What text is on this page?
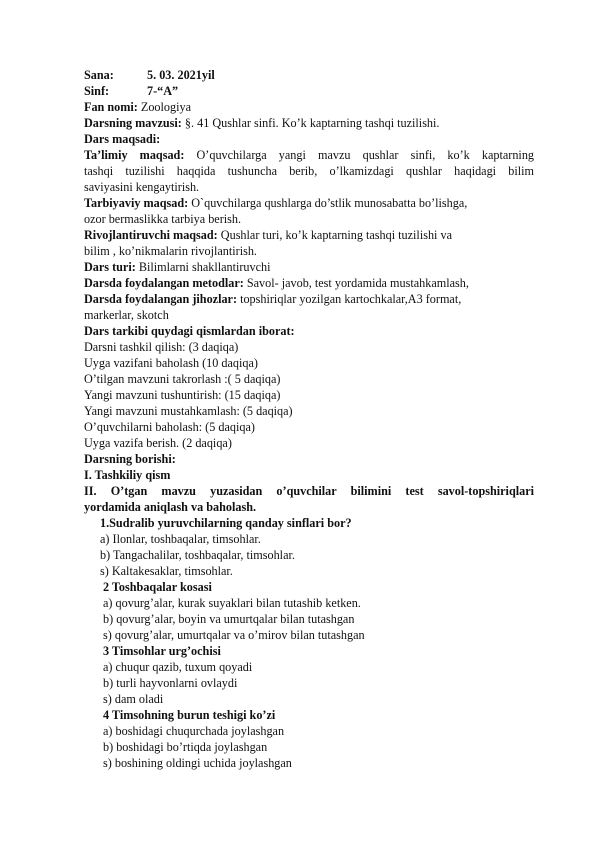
Sana:	5. 03. 2021yil
Sinf:	7-“A”
Fan nomi: Zoologiya
Darsning mavzusi: §. 41 Qushlar sinfi. Ko’k kaptarning tashqi tuzilishi.
Dars maqsadi:
Ta’limiy maqsad: O’quvchilarga yangi mavzu qushlar sinfi, ko’k kaptarning
tashqi tuzilishi haqqida tushuncha berib, o’lkamizdagi qushlar haqidagi bilim
saviyasini kengaytirish.
Tarbiyaviy maqsad: O`quvchilarga qushlarga do’stlik munosabatta bo’lishga,
ozor bermaslikka tarbiya berish.
Rivojlantiruvchi maqsad: Qushlar turi, ko’k kaptarning tashqi tuzilishi va
bilim , ko’nikmalarin rivojlantirish.
Dars turi: Bilimlarni shakllantiruvchi
Darsda foydalangan metodlar: Savol- javob, test yordamida mustahkamlash,
Darsda foydalangan jihozlar: topshiriqlar yozilgan kartochkalar,A3 format,
markerlar, skotch
Dars tarkibi quydagi qismlardan iborat:
Darsni tashkil qilish: (3 daqiqa)
Uyga vazifani baholash (10 daqiqa)
O’tilgan mavzuni takrorlash :( 5 daqiqa)
Yangi mavzuni tushuntirish: (15 daqiqa)
Yangi mavzuni mustahkamlash: (5 daqiqa)
O’quvchilarni baholash: (5 daqiqa)
Uyga vazifa berish. (2 daqiqa)
Darsning borishi:
I. Tashkiliy qism
II. O’tgan mavzu yuzasidan o’quvchilar bilimini test savol-topshiriqlari
yordamida aniqlash va baholash.
1.Sudralib yuruvchilarning qanday sinflari bor?
a) Ilonlar, toshbaqalar, timsohlar.
b) Tangachalilar, toshbaqalar, timsohlar.
s) Kaltakesaklar, timsohlar.
2 Toshbaqalar kosasi
a) qovurg’alar, kurak suyaklari bilan tutashib ketken.
b) qovurg’alar, boyin va umurtqalar bilan tutashgan
s) qovurg’alar, umurtqalar va o’mirov bilan tutashgan
3 Timsohlar urg’ochisi
a) chuqur qazib, tuxum qoyadi
b) turli hayvonlarni ovlaydi
s) dam oladi
4 Timsohning burun teshigi ko’zi
a) boshidagi chuqurchada joylashgan
b) boshidagi bo’rtiqda joylashgan
s) boshining oldingi uchida joylashgan
